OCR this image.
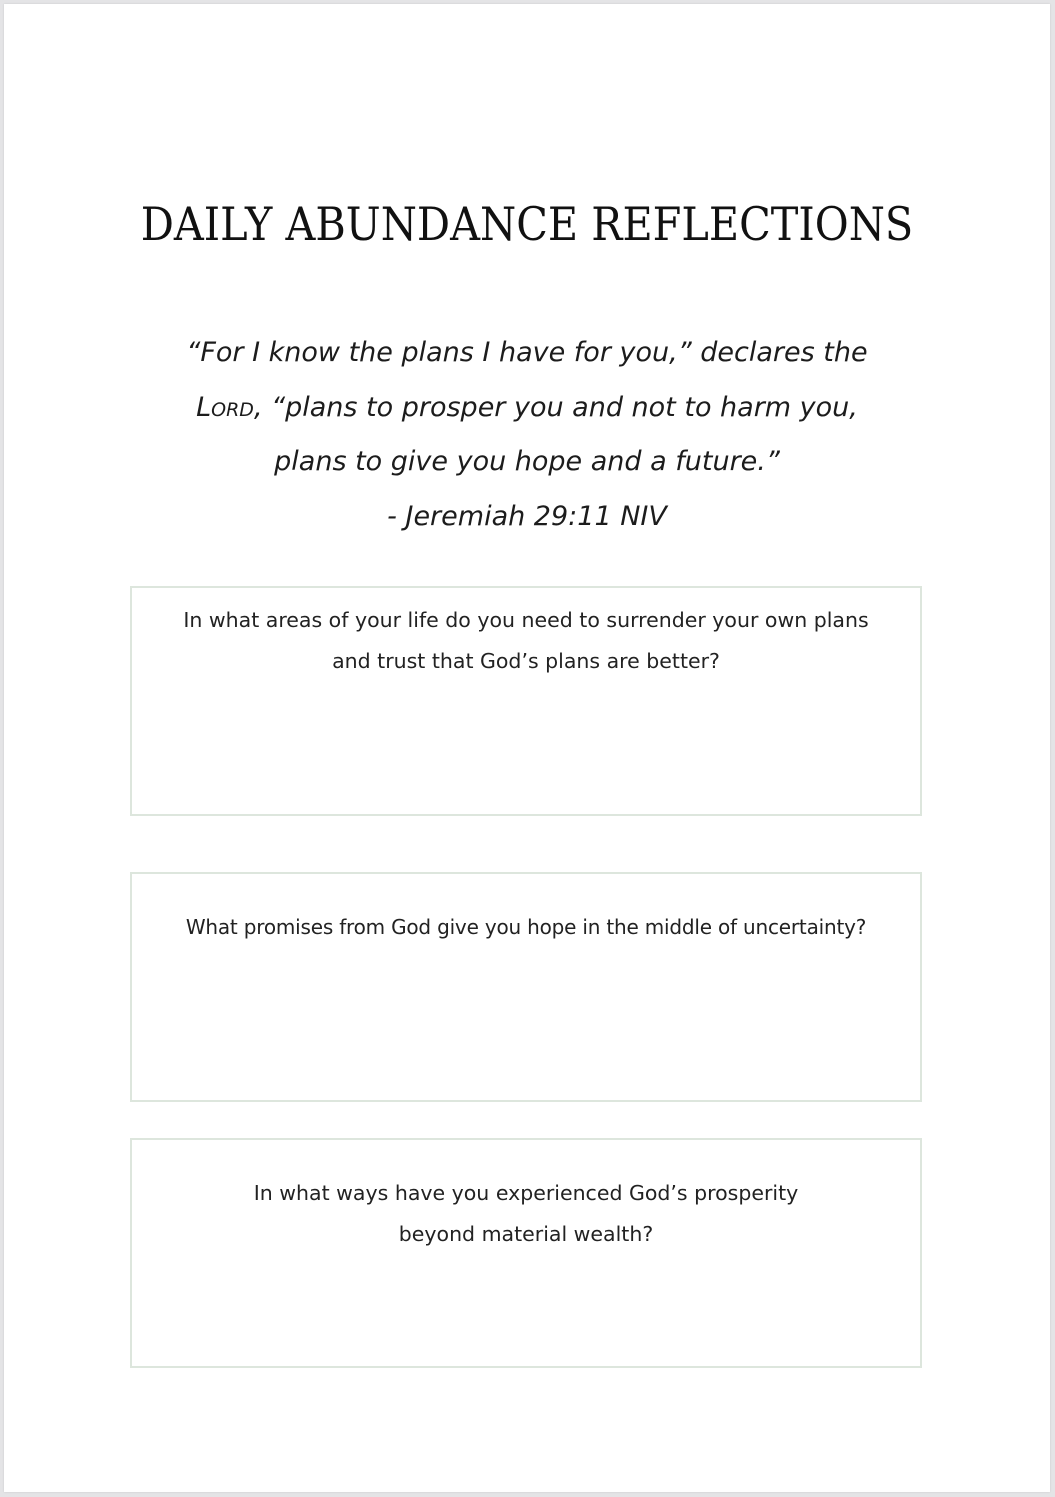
DAILY ABUNDANCE REFLECTIONS
“For I know the plans I have for you,” declares the
Lord, “plans to prosper you and not to harm you,
plans to give you hope and a future.”
- Jeremiah 29:11 NIV
In what areas of your life do you need to surrender your own plans
and trust that God’s plans are better?
What promises from God give you hope in the middle of uncertainty?
In what ways have you experienced God’s prosperity
beyond material wealth?
